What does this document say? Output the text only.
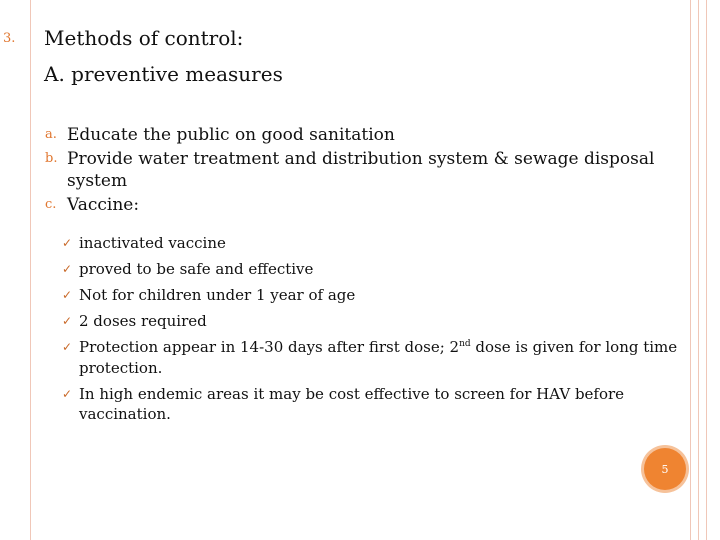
3. Methods of control:
A. preventive measures
a. Educate the public on good sanitation
b. Provide water treatment and distribution system & sewage disposal system
c. Vaccine:
✓ inactivated vaccine
✓ proved to be safe and effective
✓ Not for children under 1 year of age
✓ 2 doses required
✓ Protection appear in 14-30 days after first dose; 2nd dose is given for long time protection.
✓ In high endemic areas it may be cost effective to screen for HAV before vaccination.
5
